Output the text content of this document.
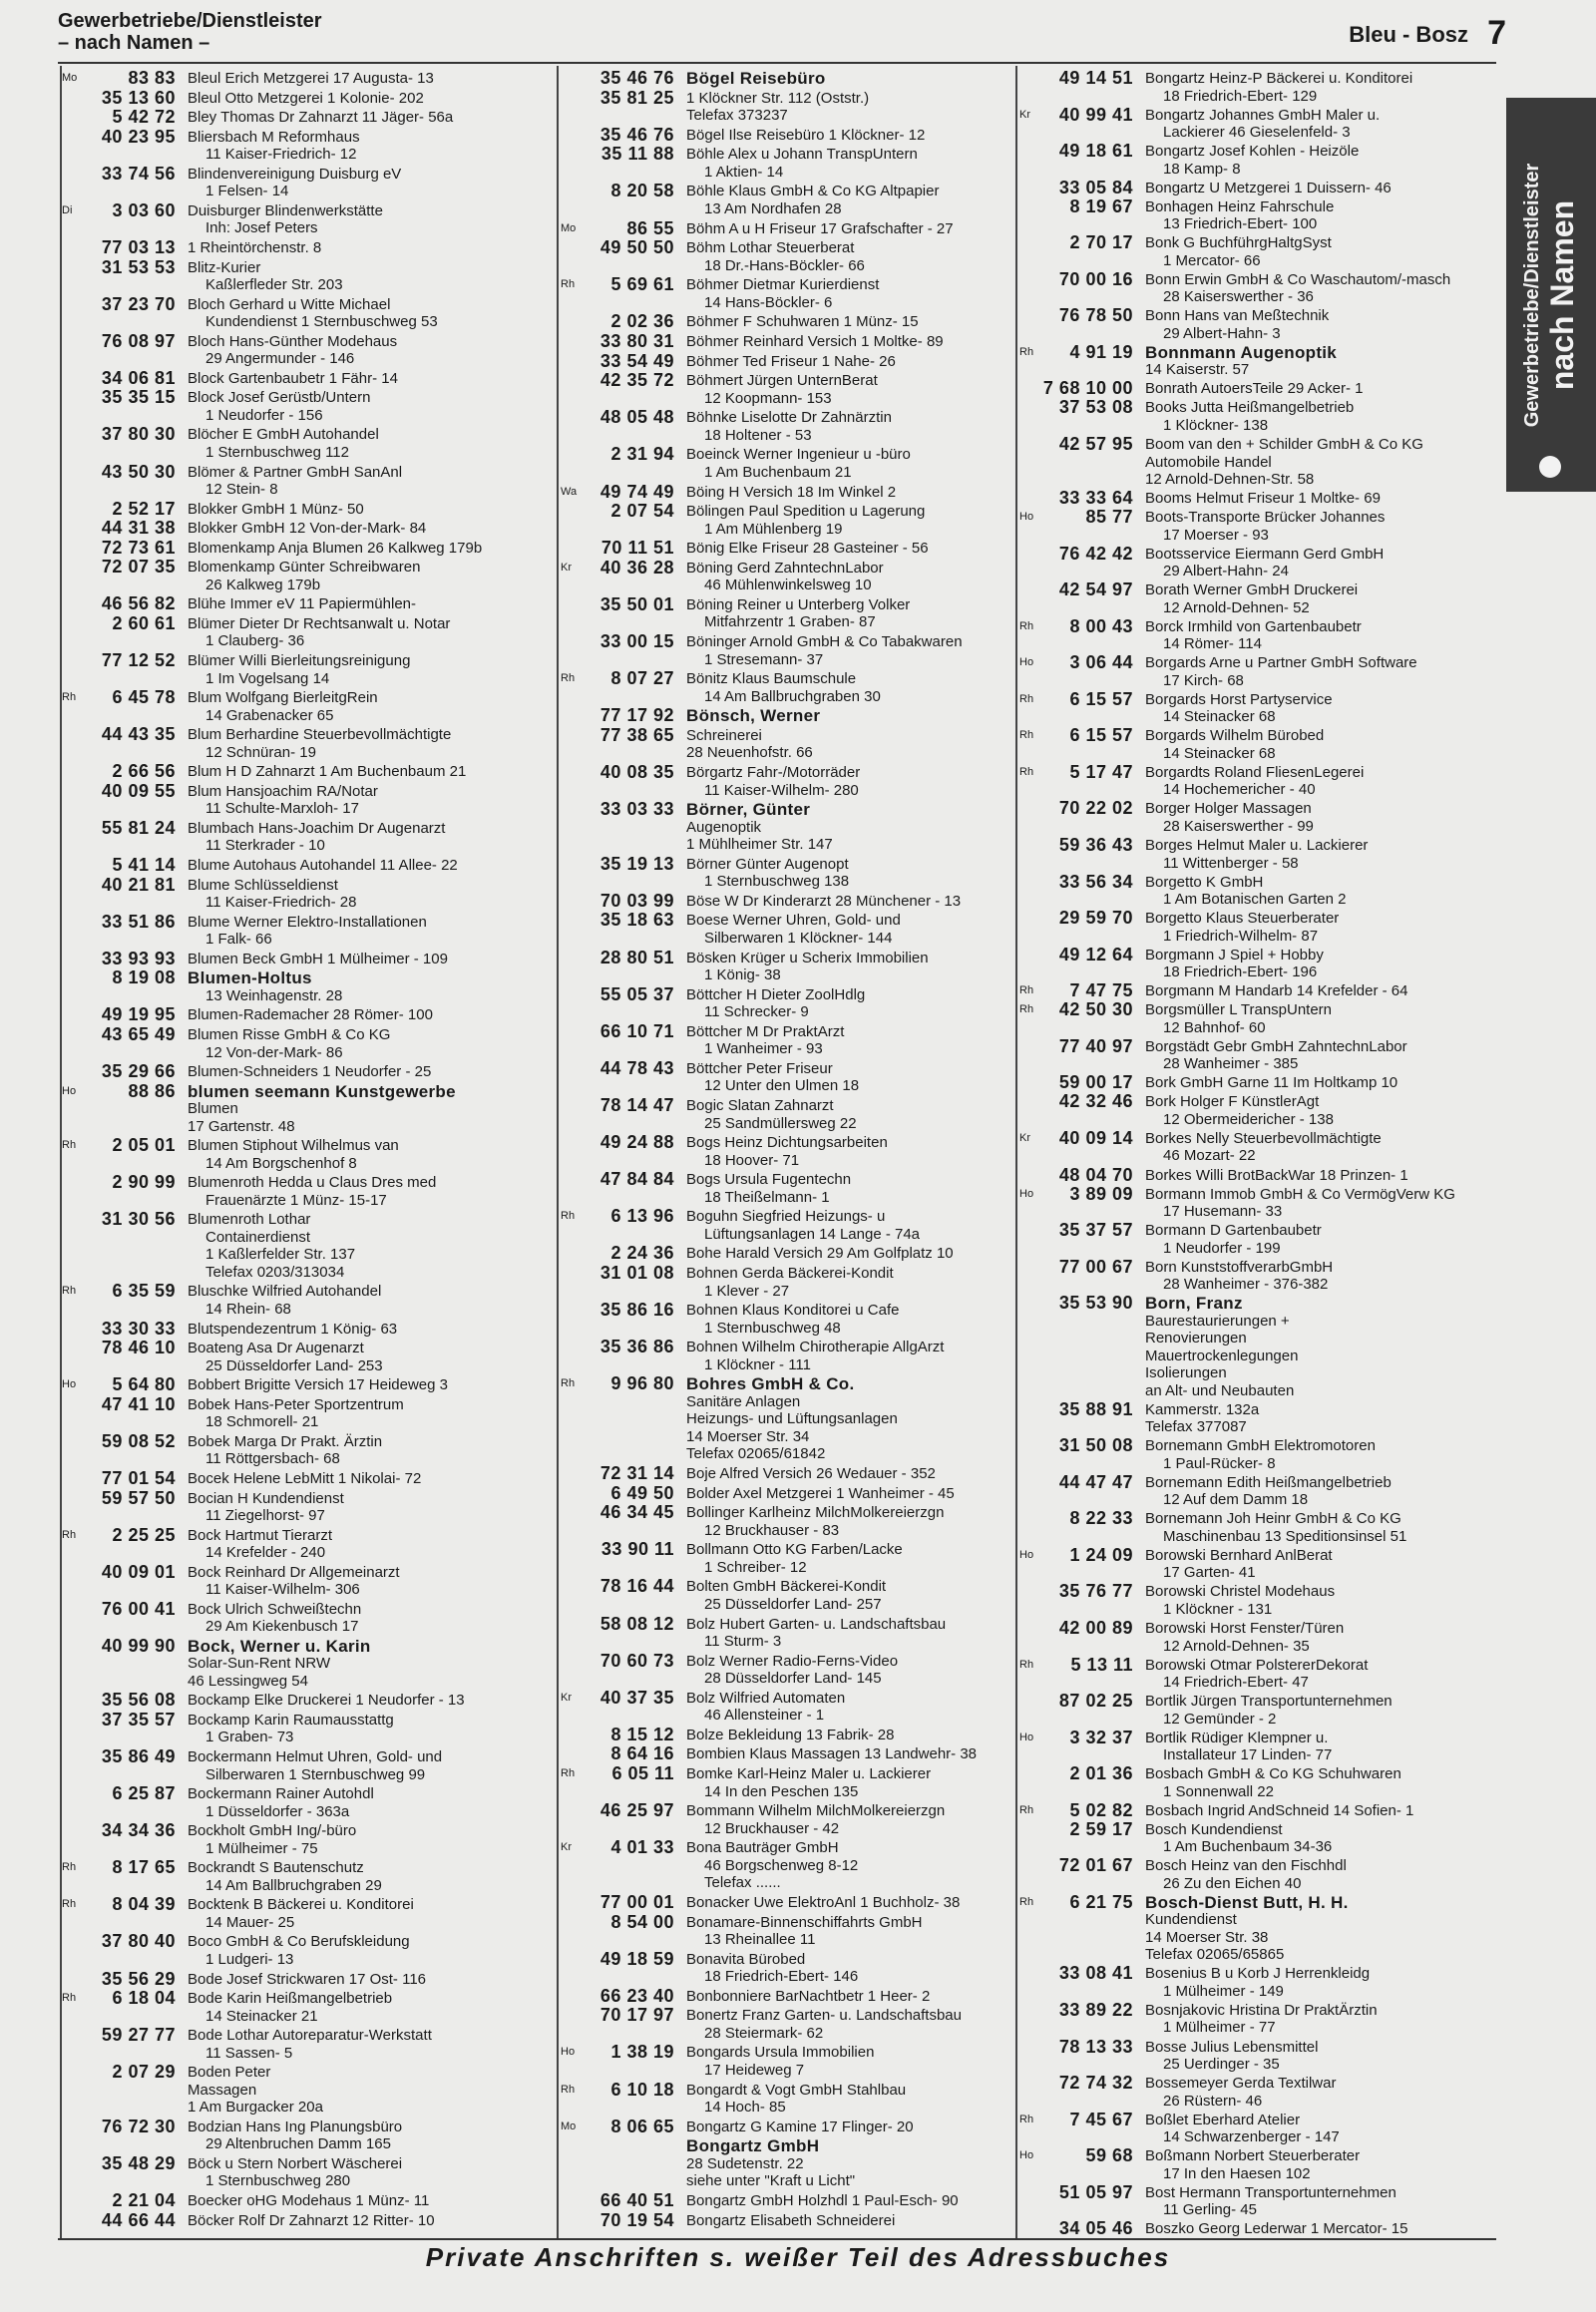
Gewerbetriebe/Dienstleister
– nach Namen –	Bleu - Bosz 7
Mo	83 83 Bleul Erich Metzgerei 17 Augusta- 13
35 13 60 Bleul Otto Metzgerei 1 Kolonie- 202
5 42 72 Bley Thomas Dr Zahnarzt 11 Jäger- 56a
40 23 95 Bliersbach M Reformhaus
11 Kaiser-Friedrich- 12
33 74 56 Blindenvereinigung Duisburg eV
1 Felsen- 14
Di	3 03 60 Duisburger Blindenwerkstätte
Inh: Josef Peters
77 03 13 1 Rheintörchenstr. 8
31 53 53 Blitz-Kurier
Kaßlerfleder Str. 203
37 23 70 Bloch Gerhard u Witte Michael
Kundendienst 1 Sternbuschweg 53
76 08 97 Bloch Hans-Günther Modehaus
29 Angermunder - 146
34 06 81 Block Gartenbaubetr 1 Fähr- 14
35 35 15 Block Josef Gerüstb/Untern
1 Neudorfer - 156
37 80 30 Blöcher E GmbH Autohandel
1 Sternbuschweg 112
43 50 30 Blömer & Partner GmbH SanAnl
12 Stein- 8
2 52 17 Blokker GmbH 1 Münz- 50
44 31 38 Blokker GmbH 12 Von-der-Mark- 84
72 73 61 Blomenkamp Anja Blumen 26 Kalkweg 179b
72 07 35 Blomenkamp Günter Schreibwaren
26 Kalkweg 179b
46 56 82 Blühe Immer eV 11 Papiermühlen-
2 60 61 Blümer Dieter Dr Rechtsanwalt u. Notar
1 Clauberg- 36
77 12 52 Blümer Willi Bierleitungsreinigung
1 Im Vogelsang 14
Rh	6 45 78 Blum Wolfgang BierleitgRein
14 Grabenacker 65
44 43 35 Blum Berhardine Steuerbevollmächtigte
12 Schnüran- 19
2 66 56 Blum H D Zahnarzt 1 Am Buchenbaum 21
40 09 55 Blum Hansjoachim RA/Notar
11 Schulte-Marxloh- 17
55 81 24 Blumbach Hans-Joachim Dr Augenarzt
11 Sterkrader - 10
5 41 14 Blume Autohaus Autohandel 11 Allee- 22
40 21 81 Blume Schlüsseldienst
11 Kaiser-Friedrich- 28
33 51 86 Blume Werner Elektro-Installationen
1 Falk- 66
33 93 93 Blumen Beck GmbH 1 Mülheimer - 109
8 19 08 Blumen-Holtus
13 Weinhagenstr. 28
49 19 95 Blumen-Rademacher 28 Römer- 100
43 65 49 Blumen Risse GmbH & Co KG
12 Von-der-Mark- 86
35 29 66 Blumen-Schneiders 1 Neudorfer - 25
Ho	88 86 blumen seemann Kunstgewerbe
Blumen
17 Gartenstr. 48
Rh	2 05 01 Blumen Stiphout Wilhelmus van
14 Am Borgschenhof 8
2 90 99 Blumenroth Hedda u Claus Dres med
Frauenärzte 1 Münz- 15-17
31 30 56 Blumenroth Lothar
Containerdienst
1 Kaßlerfelder Str. 137
Telefax 0203/313034
Rh	6 35 59 Bluschke Wilfried Autohandel
14 Rhein- 68
33 30 33 Blutspendezentrum 1 König- 63
78 46 10 Boateng Asa Dr Augenarzt
25 Düsseldorfer Land- 253
Ho	5 64 80 Bobbert Brigitte Versich 17 Heideweg 3
47 41 10 Bobek Hans-Peter Sportzentrum
18 Schmorell- 21
59 08 52 Bobek Marga Dr Prakt. Ärztin
11 Röttgersbach- 68
77 01 54 Bocek Helene LebMitt 1 Nikolai- 72
59 57 50 Bocian H Kundendienst
11 Ziegelhorst- 97
Rh	2 25 25 Bock Hartmut Tierarzt
14 Krefelder - 240
40 09 01 Bock Reinhard Dr Allgemeinarzt
11 Kaiser-Wilhelm- 306
76 00 41 Bock Ulrich Schweißtechn
29 Am Kiekenbusch 17
40 99 90 Bock, Werner u. Karin
Solar-Sun-Rent NRW
46 Lessingweg 54
35 56 08 Bockamp Elke Druckerei 1 Neudorfer - 13
37 35 57 Bockamp Karin Raumausstattg
1 Graben- 73
35 86 49 Bockermann Helmut Uhren, Gold- und
Silberwaren 1 Sternbuschweg 99
6 25 87 Bockermann Rainer Autohdl
1 Düsseldorfer - 363a
34 34 36 Bockholt GmbH Ing/-büro
1 Mülheimer - 75
Rh	8 17 65 Bockrandt S Bautenschutz
14 Am Ballbruchgraben 29
Rh	8 04 39 Bocktenk B Bäckerei u. Konditorei
14 Mauer- 25
37 80 40 Boco GmbH & Co Berufskleidung
1 Ludgeri- 13
35 56 29 Bode Josef Strickwaren 17 Ost- 116
Rh	6 18 04 Bode Karin Heißmangelbetrieb
14 Steinacker 21
59 27 77 Bode Lothar Autoreparatur-Werkstatt
11 Sassen- 5
2 07 29 Boden Peter
Massagen
1 Am Burgacker 20a
76 72 30 Bodzian Hans Ing Planungsbüro
29 Altenbruchen Damm 165
35 48 29 Böck u Stern Norbert Wäscherei
1 Sternbuschweg 280
2 21 04 Boecker oHG Modehaus 1 Münz- 11
44 66 44 Böcker Rolf Dr Zahnarzt 12 Ritter- 10
35 46 76 Bögel Reisebüro
35 81 25 1 Klöckner Str. 112 (Oststr.)
Telefax 373237
35 46 76 Bögel Ilse Reisebüro 1 Klöckner- 12
35 11 88 Böhle Alex u Johann TranspUntern
1 Aktien- 14
8 20 58 Böhle Klaus GmbH & Co KG Altpapier
13 Am Nordhafen 28
Mo	86 55 Böhm A u H Friseur 17 Grafschafter - 27
49 50 50 Böhm Lothar Steuerberat
18 Dr.-Hans-Böckler- 66
Rh	5 69 61 Böhmer Dietmar Kurierdienst
14 Hans-Böckler- 6
2 02 36 Böhmer F Schuhwaren 1 Münz- 15
33 80 31 Böhmer Reinhard Versich 1 Moltke- 89
33 54 49 Böhmer Ted Friseur 1 Nahe- 26
42 35 72 Böhmert Jürgen UnternBerat
12 Koopmann- 153
48 05 48 Böhnke Liselotte Dr Zahnärztin
18 Holtener - 53
2 31 94 Boeinck Werner Ingenieur u -büro
1 Am Buchenbaum 21
Wa	49 74 49 Böing H Versich 18 Im Winkel 2
2 07 54 Bölingen Paul Spedition u Lagerung
1 Am Mühlenberg 19
70 11 51 Bönig Elke Friseur 28 Gasteiner - 56
Kr	40 36 28 Böning Gerd ZahntechnLabor
46 Mühlenwinkelsweg 10
35 50 01 Böning Reiner u Unterberg Volker
Mitfahrzentr 1 Graben- 87
33 00 15 Böninger Arnold GmbH & Co Tabakwaren
1 Stresemann- 37
Rh	8 07 27 Bönitz Klaus Baumschule
14 Am Ballbruchgraben 30
77 17 92 Bönsch, Werner
77 38 65 Schreinerei
28 Neuenhofstr. 66
40 08 35 Börgartz Fahr-/Motorräder
11 Kaiser-Wilhelm- 280
33 03 33 Börner, Günter
Augenoptik
1 Mühlheimer Str. 147
35 19 13 Börner Günter Augenopt
1 Sternbuschweg 138
70 03 99 Böse W Dr Kinderarzt 28 Münchener - 13
35 18 63 Boese Werner Uhren, Gold- und
Silberwaren 1 Klöckner- 144
28 80 51 Bösken Krüger u Scherix Immobilien
1 König- 38
55 05 37 Böttcher H Dieter ZoolHdlg
11 Schrecker- 9
66 10 71 Böttcher M Dr PraktArzt
1 Wanheimer - 93
44 78 43 Böttcher Peter Friseur
12 Unter den Ulmen 18
78 14 47 Bogic Slatan Zahnarzt
25 Sandmüllersweg 22
49 24 88 Bogs Heinz Dichtungsarbeiten
18 Hoover- 71
47 84 84 Bogs Ursula Fugentechn
18 Theißelmann- 1
Rh	6 13 96 Boguhn Siegfried Heizungs- u
Lüftungsanlagen 14 Lange - 74a
2 24 36 Bohe Harald Versich 29 Am Golfplatz 10
31 01 08 Bohnen Gerda Bäckerei-Kondit
1 Klever - 27
35 86 16 Bohnen Klaus Konditorei u Cafe
1 Sternbuschweg 48
35 36 86 Bohnen Wilhelm Chirotherapie AllgArzt
1 Klöckner - 111
Rh	9 96 80 Bohres GmbH & Co.
Sanitäre Anlagen
Heizungs- und Lüftungsanlagen
14 Moerser Str. 34
Telefax 02065/61842
72 31 14 Boje Alfred Versich 26 Wedauer - 352
6 49 50 Bolder Axel Metzgerei 1 Wanheimer - 45
46 34 45 Bollinger Karlheinz MilchMolkereierzgn
12 Bruckhauser - 83
33 90 11 Bollmann Otto KG Farben/Lacke
1 Schreiber- 12
78 16 44 Bolten GmbH Bäckerei-Kondit
25 Düsseldorfer Land- 257
58 08 12 Bolz Hubert Garten- u. Landschaftsbau
11 Sturm- 3
70 60 73 Bolz Werner Radio-Ferns-Video
28 Düsseldorfer Land- 145
Kr	40 37 35 Bolz Wilfried Automaten
46 Allensteiner - 1
8 15 12 Bolze Bekleidung 13 Fabrik- 28
8 64 16 Bombien Klaus Massagen 13 Landwehr- 38
Rh	6 05 11 Bomke Karl-Heinz Maler u. Lackierer
14 In den Peschen 135
46 25 97 Bommann Wilhelm MilchMolkereierzgn
12 Bruckhauser - 42
Kr	4 01 33 Bona Bauträger GmbH
46 Borgschenweg 8-12
Telefax ......
77 00 01 Bonacker Uwe ElektroAnl 1 Buchholz- 38
8 54 00 Bonamare-Binnenschiffahrts GmbH
13 Rheinallee 11
49 18 59 Bonavita Bürobed
18 Friedrich-Ebert- 146
66 23 40 Bonbonniere BarNachtbetr 1 Heer- 2
70 17 97 Bonertz Franz Garten- u. Landschaftsbau
28 Steiermark- 62
Ho	1 38 19 Bongards Ursula Immobilien
17 Heideweg 7
Rh	6 10 18 Bongardt & Vogt GmbH Stahlbau
14 Hoch- 85
Mo	8 06 65 Bongartz G Kamine 17 Flinger- 20
Bongartz GmbH
28 Sudetenstr. 22
siehe unter "Kraft u Licht"
66 40 51 Bongartz GmbH Holzhdl 1 Paul-Esch- 90
70 19 54 Bongartz Elisabeth Schneiderei
49 14 51 Bongartz Heinz-P Bäckerei u. Konditorei
18 Friedrich-Ebert- 129
Kr	40 99 41 Bongartz Johannes GmbH Maler u.
Lackierer 46 Gieselenfeld- 3
49 18 61 Bongartz Josef Kohlen - Heizöle
18 Kamp- 8
33 05 84 Bongartz U Metzgerei 1 Duissern- 46
8 19 67 Bonhagen Heinz Fahrschule
13 Friedrich-Ebert- 100
2 70 17 Bonk G BuchführgHaltgSyst
1 Mercator- 66
70 00 16 Bonn Erwin GmbH & Co Waschautom/-masch
28 Kaiserswerther - 36
76 78 50 Bonn Hans van Meßtechnik
29 Albert-Hahn- 3
Rh	4 91 19 Bonnmann Augenoptik
14 Kaiserstr. 57
7 68 10 00 Bonrath AutoersTeile 29 Acker- 1
37 53 08 Books Jutta Heißmangelbetrieb
1 Klöckner- 138
42 57 95 Boom van den + Schilder GmbH & Co KG
Automobile Handel
12 Arnold-Dehnen-Str. 58
33 33 64 Booms Helmut Friseur 1 Moltke- 69
Ho	85 77 Boots-Transporte Brücker Johannes
17 Moerser - 93
76 42 42 Bootsservice Eiermann Gerd GmbH
29 Albert-Hahn- 24
42 54 97 Borath Werner GmbH Druckerei
12 Arnold-Dehnen- 52
Rh	8 00 43 Borck Irmhild von Gartenbaubetr
14 Römer- 114
Ho	3 06 44 Borgards Arne u Partner GmbH Software
17 Kirch- 68
Rh	6 15 57 Borgards Horst Partyservice
14 Steinacker 68
Rh	6 15 57 Borgards Wilhelm Bürobed
14 Steinacker 68
Rh	5 17 47 Borgardts Roland FliesenLegerei
14 Hochemericher - 40
70 22 02 Borger Holger Massagen
28 Kaiserswerther - 99
59 36 43 Borges Helmut Maler u. Lackierer
11 Wittenberger - 58
33 56 34 Borgetto K GmbH
1 Am Botanischen Garten 2
29 59 70 Borgetto Klaus Steuerberater
1 Friedrich-Wilhelm- 87
49 12 64 Borgmann J Spiel + Hobby
18 Friedrich-Ebert- 196
Rh	7 47 75 Borgmann M Handarb 14 Krefelder - 64
Rh	42 50 30 Borgsmüller L TranspUntern
12 Bahnhof- 60
77 40 97 Borgstädt Gebr GmbH ZahntechnLabor
28 Wanheimer - 385
59 00 17 Bork GmbH Garne 11 Im Holtkamp 10
42 32 46 Bork Holger F KünstlerAgt
12 Obermeidericher - 138
Kr	40 09 14 Borkes Nelly Steuerbevollmächtigte
46 Mozart- 22
48 04 70 Borkes Willi BrotBackWar 18 Prinzen- 1
Ho	3 89 09 Bormann Immob GmbH & Co VermögVerw KG
17 Husemann- 33
35 37 57 Bormann D Gartenbaubetr
1 Neudorfer - 199
77 00 67 Born KunststoffverarbGmbH
28 Wanheimer - 376-382
35 53 90 Born, Franz
Baurestaurierungen +
Renovierungen
Mauertrockenlegungen
Isolierungen
an Alt- und Neubauten
35 88 91 Kammerstr. 132a
Telefax 377087
31 50 08 Bornemann GmbH Elektromotoren
1 Paul-Rücker- 8
44 47 47 Bornemann Edith Heißmangelbetrieb
12 Auf dem Damm 18
8 22 33 Bornemann Joh Heinr GmbH & Co KG
Maschinenbau 13 Speditionsinsel 51
Ho	1 24 09 Borowski Bernhard AnlBerat
17 Garten- 41
35 76 77 Borowski Christel Modehaus
1 Klöckner - 131
42 00 89 Borowski Horst Fenster/Türen
12 Arnold-Dehnen- 35
Rh	5 13 11 Borowski Otmar PolstererDekorat
14 Friedrich-Ebert- 47
87 02 25 Bortlik Jürgen Transportunternehmen
12 Gemünder - 2
Ho	3 32 37 Bortlik Rüdiger Klempner u.
Installateur 17 Linden- 77
2 01 36 Bosbach GmbH & Co KG Schuhwaren
1 Sonnenwall 22
Rh	5 02 82 Bosbach Ingrid AndSchneid 14 Sofien- 1
2 59 17 Bosch Kundendienst
1 Am Buchenbaum 34-36
72 01 67 Bosch Heinz van den Fischhdl
26 Zu den Eichen 40
Rh	6 21 75 Bosch-Dienst Butt, H. H.
Kundendienst
14 Moerser Str. 38
Telefax 02065/65865
33 08 41 Bosenius B u Korb J Herrenkleidg
1 Mülheimer - 149
33 89 22 Bosnjakovic Hristina Dr PraktÄrztin
1 Mülheimer - 77
78 13 33 Bosse Julius Lebensmittel
25 Uerdinger - 35
72 74 32 Bossemeyer Gerda Textilwar
26 Rüstern- 46
Rh	7 45 67 Boßlet Eberhard Atelier
14 Schwarzenberger - 147
Ho	59 68 Boßmann Norbert Steuerberater
17 In den Haesen 102
51 05 97 Bost Hermann Transportunternehmen
11 Gerling- 45
34 05 46 Boszko Georg Lederwar 1 Mercator- 15
Gewerbetriebe/Dienstleister nach Namen
Private Anschriften s. weißer Teil des Adressbuches
